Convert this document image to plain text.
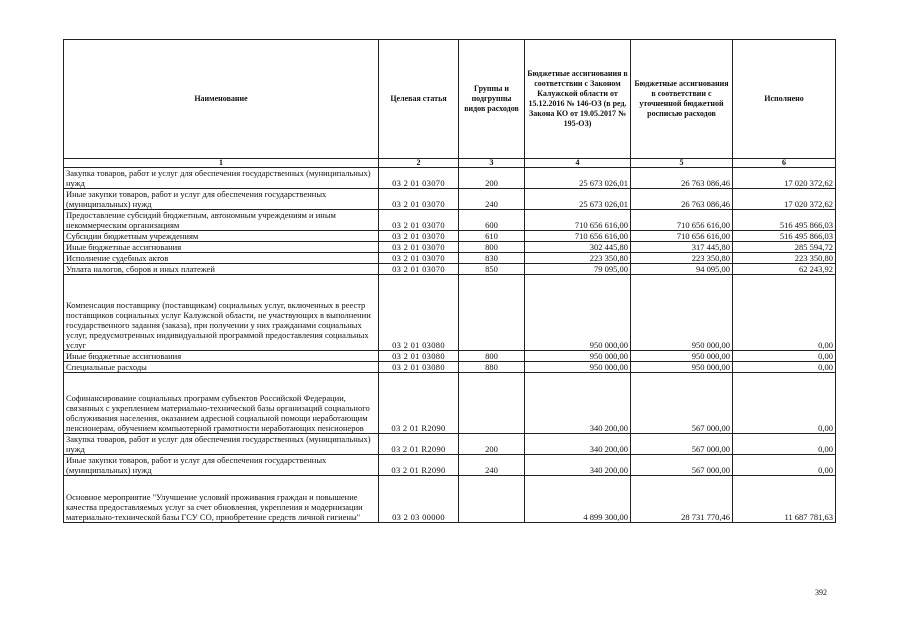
Наименование	Целевая статья	Группы и подгруппы видов расходов	Бюджетные ассигнования в соответствии с Законом Калужской области от 15.12.2016 № 146-ОЗ (в ред. Закона КО от 19.05.2017 № 195-ОЗ)	Бюджетные ассигнования в соответствии с уточненной бюджетной росписью расходов	Исполнено
1	2	3	4	5	6
Закупка товаров, работ и услуг для обеспечения государственных (муниципальных) нужд	03 2 01 03070	200	25 673 026,01	26 763 086,46	17 020 372,62
Иные закупки товаров, работ и услуг для обеспечения государственных (муниципальных) нужд	03 2 01 03070	240	25 673 026,01	26 763 086,46	17 020 372,62
Предоставление субсидий бюджетным, автономным учреждениям и иным некоммерческим организациям	03 2 01 03070	600	710 656 616,00	710 656 616,00	516 495 866,03
Субсидии бюджетным учреждениям	03 2 01 03070	610	710 656 616,00	710 656 616,00	516 495 866,03
Иные бюджетные ассигнования	03 2 01 03070	800	302 445,80	317 445,80	285 594,72
Исполнение судебных актов	03 2 01 03070	830	223 350,80	223 350,80	223 350,80
Уплата налогов, сборов и иных платежей	03 2 01 03070	850	79 095,00	94 095,00	62 243,92
Компенсация поставщику (поставщикам) социальных услуг, включенных в реестр поставщиков социальных услуг Калужской области, не участвующих в выполнении государственного задания (заказа), при получении у них гражданами социальных услуг, предусмотренных индивидуальной программой предоставления социальных услуг	03 2 01 03080		950 000,00	950 000,00	0,00
Иные бюджетные ассигнования	03 2 01 03080	800	950 000,00	950 000,00	0,00
Специальные расходы	03 2 01 03080	880	950 000,00	950 000,00	0,00
Софинансирование социальных программ субъектов Российской Федерации, связанных с укреплением материально-технической базы организаций социального обслуживания населения, оказанием адресной социальной помощи неработающим пенсионерам, обучением компьютерной грамотности неработающих пенсионеров	03 2 01 R2090		340 200,00	567 000,00	0,00
Закупка товаров, работ и услуг для обеспечения государственных (муниципальных) нужд	03 2 01 R2090	200	340 200,00	567 000,00	0,00
Иные закупки товаров, работ и услуг для обеспечения государственных (муниципальных) нужд	03 2 01 R2090	240	340 200,00	567 000,00	0,00
Основное мероприятие "Улучшение условий проживания граждан и повышение качества предоставляемых услуг за счет обновления, укрепления и модернизации материально-технической базы ГСУ СО, приобретение средств личной гигиены"	03 2 03 00000		4 899 300,00	28 731 770,46	11 687 781,63
392
